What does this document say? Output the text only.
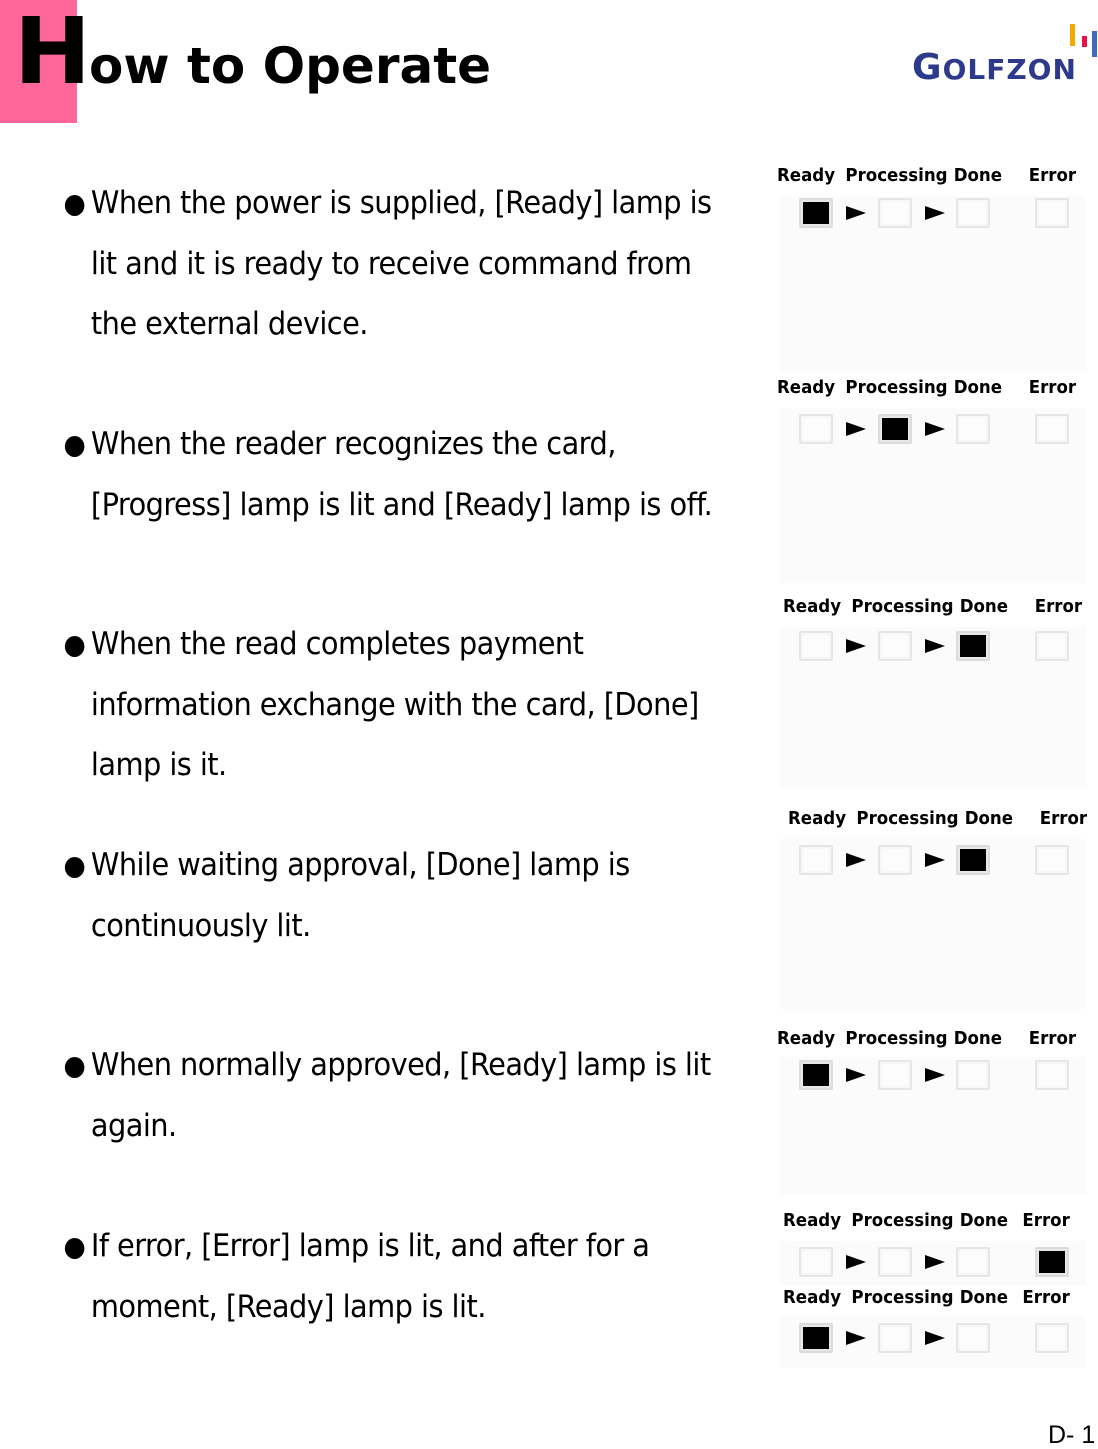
How to Operate	GOLFZON
When the power is supplied, [Ready] lamp is lit and it is ready to receive command from the external device.
When the reader recognizes the card, [Progress] lamp is lit and [Ready] lamp is off.
When the read completes payment information exchange with the card, [Done] lamp is it.
While waiting approval, [Done] lamp is continuously lit.
When normally approved, [Ready] lamp is lit again.
If error, [Error] lamp is lit, and after for a moment, [Ready] lamp is lit.
Ready Processing Done Error
Ready Processing Done Error
Ready Processing Done Error
Ready Processing Done Error
Ready Processing Done Error
Ready Processing Done Error
Ready Processing Done Error
D- 1
